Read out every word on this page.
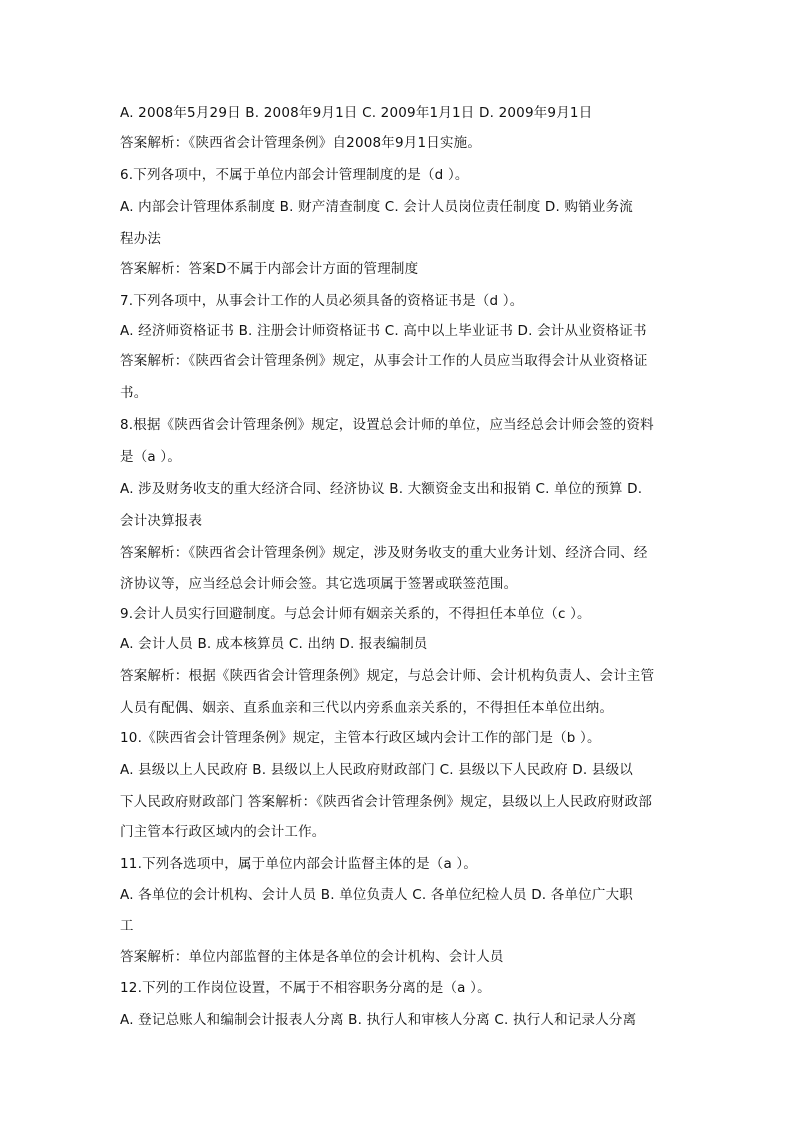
A. 2008年5月29日 B. 2008年9月1日 C. 2009年1月1日 D. 2009年9月1日
答案解析：《陕西省会计管理条例》自2008年9月1日实施。
6.下列各项中，不属于单位内部会计管理制度的是（d ）。
A. 内部会计管理体系制度 B. 财产清查制度 C. 会计人员岗位责任制度 D. 购销业务流
程办法
答案解析：答案D不属于内部会计方面的管理制度
7.下列各项中，从事会计工作的人员必须具备的资格证书是（d ）。
A. 经济师资格证书 B. 注册会计师资格证书 C. 高中以上毕业证书 D. 会计从业资格证书
答案解析：《陕西省会计管理条例》规定，从事会计工作的人员应当取得会计从业资格证
书。
8.根据《陕西省会计管理条例》规定，设置总会计师的单位，应当经总会计师会签的资料
是（a ）。
A. 涉及财务收支的重大经济合同、经济协议 B. 大额资金支出和报销 C. 单位的预算 D.
会计决算报表
答案解析：《陕西省会计管理条例》规定，涉及财务收支的重大业务计划、经济合同、经
济协议等，应当经总会计师会签。其它选项属于签署或联签范围。
9.会计人员实行回避制度。与总会计师有姻亲关系的，不得担任本单位（c ）。
A. 会计人员 B. 成本核算员 C. 出纳 D. 报表编制员
答案解析：根据《陕西省会计管理条例》规定，与总会计师、会计机构负责人、会计主管
人员有配偶、姻亲、直系血亲和三代以内旁系血亲关系的，不得担任本单位出纳。
10.《陕西省会计管理条例》规定，主管本行政区域内会计工作的部门是（b ）。
A. 县级以上人民政府 B. 县级以上人民政府财政部门 C. 县级以下人民政府 D. 县级以
下人民政府财政部门 答案解析：《陕西省会计管理条例》规定，县级以上人民政府财政部
门主管本行政区域内的会计工作。
11.下列各选项中，属于单位内部会计监督主体的是（a ）。
A. 各单位的会计机构、会计人员 B. 单位负责人 C. 各单位纪检人员 D. 各单位广大职
工
答案解析：单位内部监督的主体是各单位的会计机构、会计人员
12.下列的工作岗位设置，不属于不相容职务分离的是（a ）。
A. 登记总账人和编制会计报表人分离 B. 执行人和审核人分离 C. 执行人和记录人分离
